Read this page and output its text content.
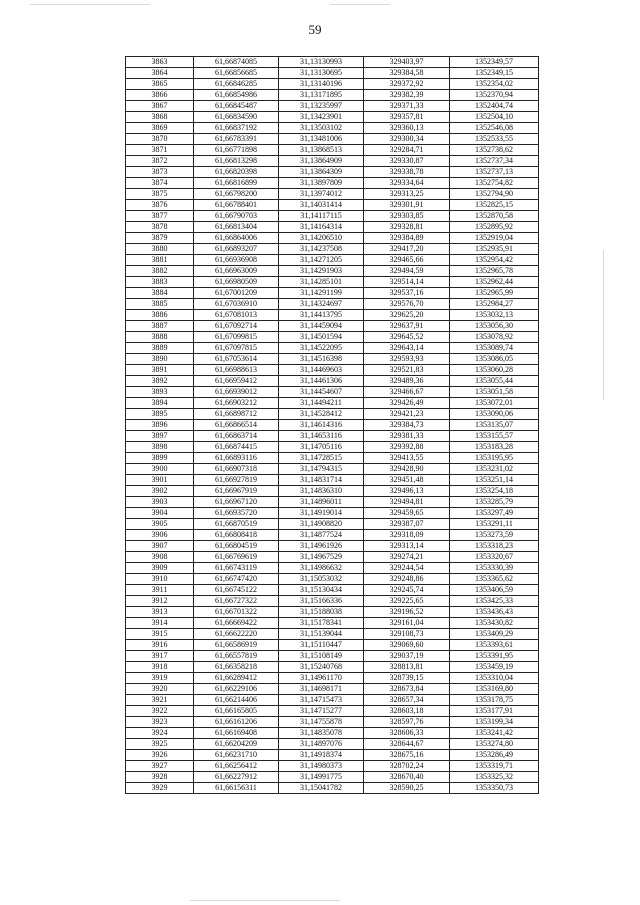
59
3863	61,66874085	31,13130993	329403,97	1352349,57
3864	61,66856685	31,13130695	329384,58	1352349,15
3865	61,66846285	31,13140196	329372,92	1352354,02
3866	61,66854986	31,13171895	329382,39	1352370,94
3867	61,66845487	31,13235997	329371,33	1352404,74
3868	61,66834590	31,13423901	329357,81	1352504,10
3869	61,66837192	31,13503102	329360,13	1352546,08
3870	61,66783391	31,13481006	329300,34	1352533,55
3871	61,66771898	31,13868513	329284,71	1352738,62
3872	61,66813298	31,13864909	329330,87	1352737,34
3873	61,66820398	31,13864309	329338,78	1352737,13
3874	61,66816899	31,13897809	329334,64	1352754,82
3875	61,66798200	31,13974012	329313,25	1352794,90
3876	61,66788401	31,14031414	329301,91	1352825,15
3877	61,66790703	31,14117115	329303,85	1352870,58
3878	61,66813404	31,14164314	329328,81	1352895,92
3879	61,66864006	31,14206510	329384,89	1352919,04
3880	61,66893207	31,14237508	329417,20	1352935,91
3881	61,66936908	31,14271205	329465,66	1352954,42
3882	61,66963009	31,14291903	329494,59	1352965,78
3883	61,66980509	31,14285101	329514,14	1352962,44
3884	61,67001209	31,14291199	329537,16	1352965,99
3885	61,67036910	31,14324697	329576,70	1352984,27
3886	61,67081013	31,14413795	329625,20	1353032,13
3887	61,67092714	31,14459094	329637,91	1353056,30
3888	61,67099815	31,14501594	329645,52	1353078,92
3889	61,67097815	31,14522095	329643,14	1353089,74
3890	61,67053614	31,14516398	329593,93	1353086,05
3891	61,66988613	31,14469603	329521,83	1353060,28
3892	61,66959412	31,14461306	329489,36	1353055,44
3893	61,66939012	31,14454607	329466,67	1353051,58
3894	61,66903212	31,14494211	329426,49	1353072,01
3895	61,66898712	31,14528412	329421,23	1353090,06
3896	61,66866514	31,14614316	329384,73	1353135,07
3897	61,66863714	31,14653116	329381,33	1353155,57
3898	61,66874415	31,14705116	329392,88	1353183,28
3899	61,66893116	31,14728515	329413,55	1353195,95
3900	61,66907318	31,14794315	329428,90	1353231,02
3901	61,66927819	31,14831714	329451,48	1353251,14
3902	61,66967919	31,14836310	329496,13	1353254,18
3903	61,66967120	31,14896011	329494,81	1353285,79
3904	61,66935720	31,14919014	329459,65	1353297,49
3905	61,66870519	31,14908820	329387,07	1353291,11
3906	61,66808418	31,14877524	329318,09	1353273,59
3907	61,66804519	31,14961926	329313,14	1353318,23
3908	61,66769619	31,14967529	329274,21	1353320,67
3909	61,66743119	31,14986632	329244,54	1353330,39
3910	61,66747420	31,15053032	329248,86	1353365,62
3911	61,66745122	31,15130434	329245,74	1353406,59
3912	61,66727322	31,15166336	329225,65	1353425,33
3913	61,66701322	31,15188038	329196,52	1353436,43
3914	61,66669422	31,15178341	329161,04	1353430,82
3915	61,66622220	31,15139044	329108,73	1353409,29
3916	61,66586919	31,15110447	329069,60	1353393,61
3917	61,66557819	31,15108149	329037,19	1353391,95
3918	61,66358218	31,15240768	328813,81	1353459,19
3919	61,66289412	31,14961170	328739,15	1353310,04
3920	61,66229106	31,14698171	328673,84	1353169,80
3921	61,66214406	31,14715473	328657,34	1353178,75
3922	61,66165805	31,14715277	328603,18	1353177,91
3923	61,66161206	31,14755878	328597,76	1353199,34
3924	61,66169408	31,14835078	328606,33	1353241,42
3925	61,66204209	31,14897076	328644,67	1353274,80
3926	61,66231710	31,14918374	328675,16	1353286,49
3927	61,66256412	31,14980373	328702,24	1353319,71
3928	61,66227912	31,14991775	328670,40	1353325,32
3929	61,66156311	31,15041782	328590,25	1353350,73
